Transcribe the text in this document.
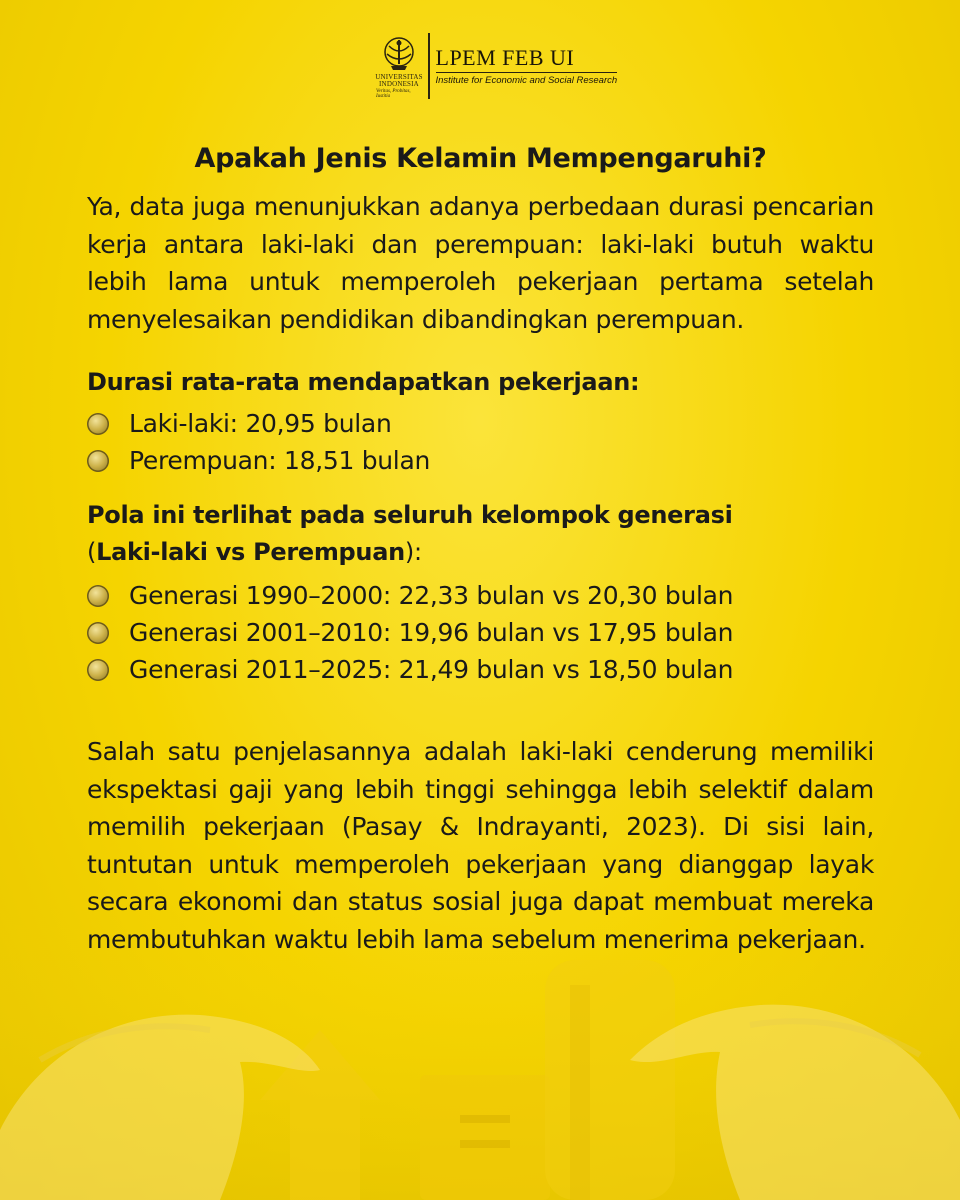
UNIVERSITAS
INDONESIA
Veritas, Probitas, Iustitia
LPEM FEB UI
Institute for Economic and Social Research
Apakah Jenis Kelamin Mempengaruhi?

Ya, data juga menunjukkan adanya perbedaan durasi pencarian kerja antara laki-laki dan perempuan: laki-laki butuh waktu lebih lama untuk memperoleh pekerjaan pertama setelah menyelesaikan pendidikan dibandingkan perempuan.

Durasi rata-rata mendapatkan pekerjaan:

Laki-laki: 20,95 bulan
Perempuan: 18,51 bulan

Pola ini terlihat pada seluruh kelompok generasi
(Laki-laki vs Perempuan):

Generasi 1990–2000: 22,33 bulan vs 20,30 bulan
Generasi 2001–2010: 19,96 bulan vs 17,95 bulan
Generasi 2011–2025: 21,49 bulan vs 18,50 bulan

Salah satu penjelasannya adalah laki-laki cenderung memiliki ekspektasi gaji yang lebih tinggi sehingga lebih selektif dalam memilih pekerjaan (Pasay & Indrayanti, 2023). Di sisi lain, tuntutan untuk memperoleh pekerjaan yang dianggap layak secara ekonomi dan status sosial juga dapat membuat mereka membutuhkan waktu lebih lama sebelum menerima pekerjaan.
